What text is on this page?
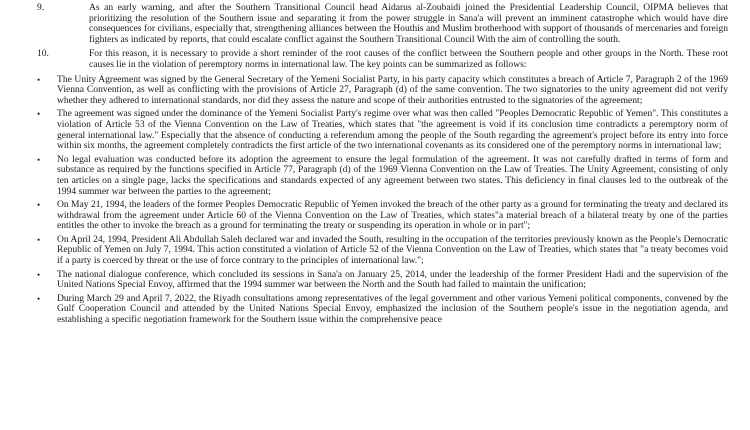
9.	As an early warning, and after the Southern Transitional Council head Aidarus al-Zoubaidi joined the Presidential Leadership Council, OIPMA believes that prioritizing the resolution of the Southern issue and separating it from the power struggle in Sana'a will prevent an imminent catastrophe which would have dire consequences for civilians, especially that, strengthening alliances between the Houthis and Muslim brotherhood with support of thousands of mercenaries and foreign fighters as indicated by reports, that could escalate conflict against the Southern Transitional Council With the aim of controlling the south.
10.	For this reason, it is necessary to provide a short reminder of the root causes of the conflict between the Southern people and other groups in the North. These root causes lie in the violation of peremptory norms in international law. The key points can be summarized as follows:
•	The Unity Agreement was signed by the General Secretary of the Yemeni Socialist Party, in his party capacity which constitutes a breach of Article 7, Paragraph 2 of the 1969 Vienna Convention, as well as conflicting with the provisions of Article 27, Paragraph (d) of the same convention. The two signatories to the unity agreement did not verify whether they adhered to international standards, nor did they assess the nature and scope of their authorities entrusted to the signatories of the agreement;
•	The agreement was signed under the dominance of the Yemeni Socialist Party's regime over what was then called "Peoples Democratic Republic of Yemen". This constitutes a violation of Article 53 of the Vienna Convention on the Law of Treaties, which states that "the agreement is void if its conclusion time contradicts a peremptory norm of general international law." Especially that the absence of conducting a referendum among the people of the South regarding the agreement's project before its entry into force within six months, the agreement completely contradicts the first article of the two international covenants as its considered one of the peremptory norms in international law;
•	No legal evaluation was conducted before its adoption the agreement to ensure the legal formulation of the agreement. It was not carefully drafted in terms of form and substance as required by the functions specified in Article 77, Paragraph (d) of the 1969 Vienna Convention on the Law of Treaties. The Unity Agreement, consisting of only ten articles on a single page, lacks the specifications and standards expected of any agreement between two states. This deficiency in final clauses led to the outbreak of the 1994 summer war between the parties to the agreement;
•	On May 21, 1994, the leaders of the former Peoples Democratic Republic of Yemen invoked the breach of the other party as a ground for terminating the treaty and declared its withdrawal from the agreement under Article 60 of the Vienna Convention on the Law of Treaties, which states"a material breach of a bilateral treaty by one of the parties entitles the other to invoke the breach as a ground for terminating the treaty or suspending its operation in whole or in part";
•	On April 24, 1994, President Ali Abdullah Saleh declared war and invaded the South, resulting in the occupation of the territories previously known as the People's Democratic Republic of Yemen on July 7, 1994. This action constituted a violation of Article 52 of the Vienna Convention on the Law of Treaties, which states that "a treaty becomes void if a party is coerced by threat or the use of force contrary to the principles of international law.";
•	The national dialogue conference, which concluded its sessions in Sana'a on January 25, 2014, under the leadership of the former President Hadi and the supervision of the United Nations Special Envoy, affirmed that the 1994 summer war between the North and the South had failed to maintain the unification;
•	During March 29 and April 7, 2022, the Riyadh consultations among representatives of the legal government and other various Yemeni political components, convened by the Gulf Cooperation Council and attended by the United Nations Special Envoy, emphasized the inclusion of the Southern people's issue in the negotiation agenda, and establishing a specific negotiation framework for the Southern issue within the comprehensive peace
